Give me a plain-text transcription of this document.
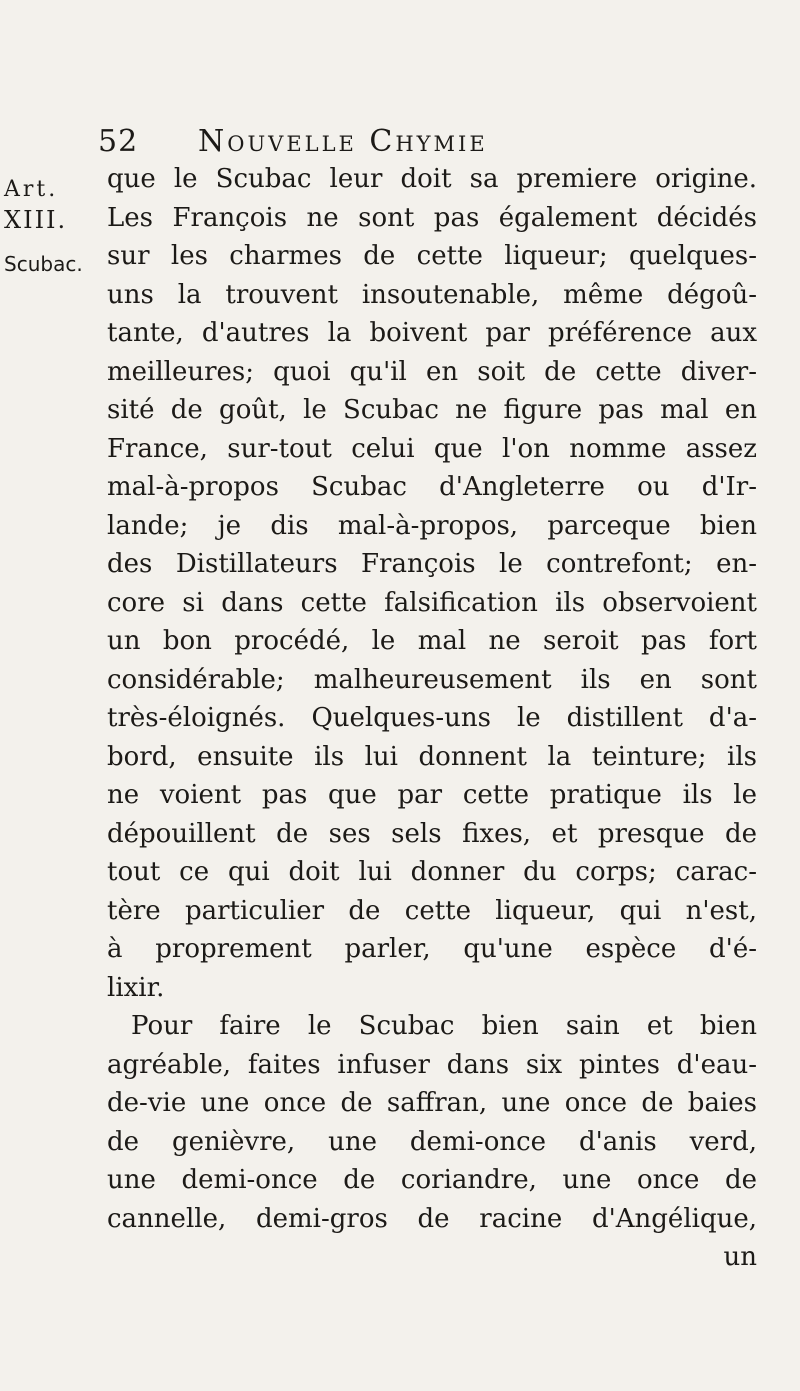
52 Nouvelle Chymie
Art.
XIII.
Scubac.
que le Scubac leur doit sa premiere origine.
Les François ne sont pas également décidés
sur les charmes de cette liqueur; quelques-
uns la trouvent insoutenable, même dégoû-
tante, d'autres la boivent par préférence aux
meilleures; quoi qu'il en soit de cette diver-
sité de goût, le Scubac ne figure pas mal en
France, sur-tout celui que l'on nomme assez
mal-à-propos Scubac d'Angleterre ou d'Ir-
lande; je dis mal-à-propos, parceque bien
des Distillateurs François le contrefont; en-
core si dans cette falsification ils observoient
un bon procédé, le mal ne seroit pas fort
considérable; malheureusement ils en sont
très-éloignés. Quelques-uns le distillent d'a-
bord, ensuite ils lui donnent la teinture; ils
ne voient pas que par cette pratique ils le
dépouillent de ses sels fixes, et presque de
tout ce qui doit lui donner du corps; carac-
tère particulier de cette liqueur, qui n'est,
à proprement parler, qu'une espèce d'é-
lixir.
Pour faire le Scubac bien sain et bien
agréable, faites infuser dans six pintes d'eau-
de-vie une once de saffran, une once de baies
de genièvre, une demi-once d'anis verd,
une demi-once de coriandre, une once de
cannelle, demi-gros de racine d'Angélique,
un
